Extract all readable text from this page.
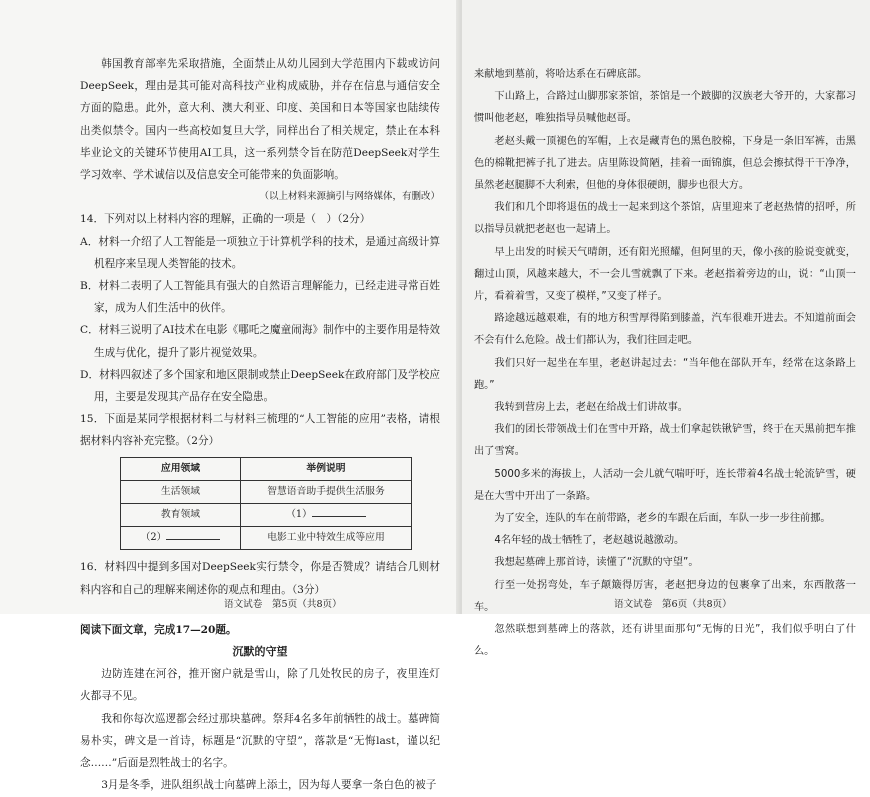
韩国教育部率先采取措施，全面禁止从幼儿园到大学范围内下载或访问DeepSeek，理由是其可能对高科技产业构成威胁，并存在信息与通信安全方面的隐患。此外，意大利、澳大利亚、印度、美国和日本等国家也陆续传出类似禁令。国内一些高校如复旦大学，同样出台了相关规定，禁止在本科毕业论文的关键环节使用AI工具，这一系列禁令旨在防范DeepSeek对学生学习效率、学术诚信以及信息安全可能带来的负面影响。

（以上材料来源摘引与网络媒体，有删改）

14．下列对以上材料内容的理解，正确的一项是（　）（2分）

A．材料一介绍了人工智能是一项独立于计算机学科的技术，是通过高级计算机程序来呈现人类智能的技术。

B．材料二表明了人工智能具有强大的自然语言理解能力，已经走进寻常百姓家，成为人们生活中的伙伴。

C．材料三说明了AI技术在电影《哪吒之魔童闹海》制作中的主要作用是特效生成与优化，提升了影片视觉效果。

D．材料四叙述了多个国家和地区限制或禁止DeepSeek在政府部门及学校应用，主要是发现其产品存在安全隐患。

15．下面是某同学根据材料二与材料三梳理的“人工智能的应用”表格，请根据材料内容补充完整。（2分）

应用领域	举例说明
生活领域	智慧语音助手提供生活服务
教育领域	（1）
（2）	电影工业中特效生成等应用

16．材料四中提到多国对DeepSeek实行禁令，你是否赞成？请结合几则材料内容和自己的理解来阐述你的观点和理由。（3分）

阅读下面文章，完成17—20题。

沉默的守望

边防连建在河谷，推开窗户就是雪山，除了几处牧民的房子，夜里连灯火都寻不见。

我和你每次巡逻都会经过那块墓碑。祭拜4名多年前牺牲的战士。墓碑简易朴实，碑文是一首诗，标题是“沉默的守望”，落款是“无悔last，谨以纪念……”后面是烈牲战士的名字。

3月是冬季，进队组织战士向墓碑上添土，因为每人要拿一条白色的被子

语文试卷　第5页（共8页）

来献地到墓前，将哈达系在石碑底部。

下山路上，合路过山脚那家茶馆，茶馆是一个跛脚的汉族老大爷开的，大家都习惯叫他老赵，唯独指导员喊他赵哥。

老赵头戴一顶褪色的军帽，上衣是藏青色的黑色胶棉，下身是一条旧军裤，击黑色的棉靴把裤子扎了进去。店里陈设简陋，挂着一面锦旗，但总会擦拭得干干净净，虽然老赵腿脚不大利索，但他的身体很硬朗，脚步也很大方。

我们和几个即将退伍的战士一起来到这个茶馆，店里迎来了老赵热情的招呼，所以指导员就把老赵也一起请上。

早上出发的时候天气晴朗，还有阳光照耀，但阿里的天，像小孩的脸说变就变，翻过山顶，风越来越大，不一会儿雪就飘了下来。老赵指着旁边的山，说：“山顶一片，看着着雪，又变了模样，”又变了样子。

路途越远越艰难，有的地方积雪厚得陷到膝盖，汽车很难开进去。不知道前面会不会有什么危险。战士们都认为，我们往回走吧。

我们只好一起坐在车里，老赵讲起过去：“当年他在部队开车，经常在这条路上跑。”

我转到营房上去，老赵在给战士们讲故事。

我们的团长带领战士们在雪中开路，战士们拿起铁锹铲雪，终于在天黑前把车推出了雪窝。

5000多米的海拔上，人活动一会儿就气喘吁吁，连长带着4名战士轮流铲雪，硬是在大雪中开出了一条路。

为了安全，连队的车在前带路，老乡的车跟在后面，车队一步一步往前挪。

4名年轻的战士牺牲了，老赵越说越激动。

我想起墓碑上那首诗，读懂了“沉默的守望”。

行至一处拐弯处，车子颠簸得厉害，老赵把身边的包裹拿了出来，东西散落一车。

忽然联想到墓碑上的落款，还有讲里面那句“无悔的日光”，我们似乎明白了什么。

语文试卷　第6页（共8页）
